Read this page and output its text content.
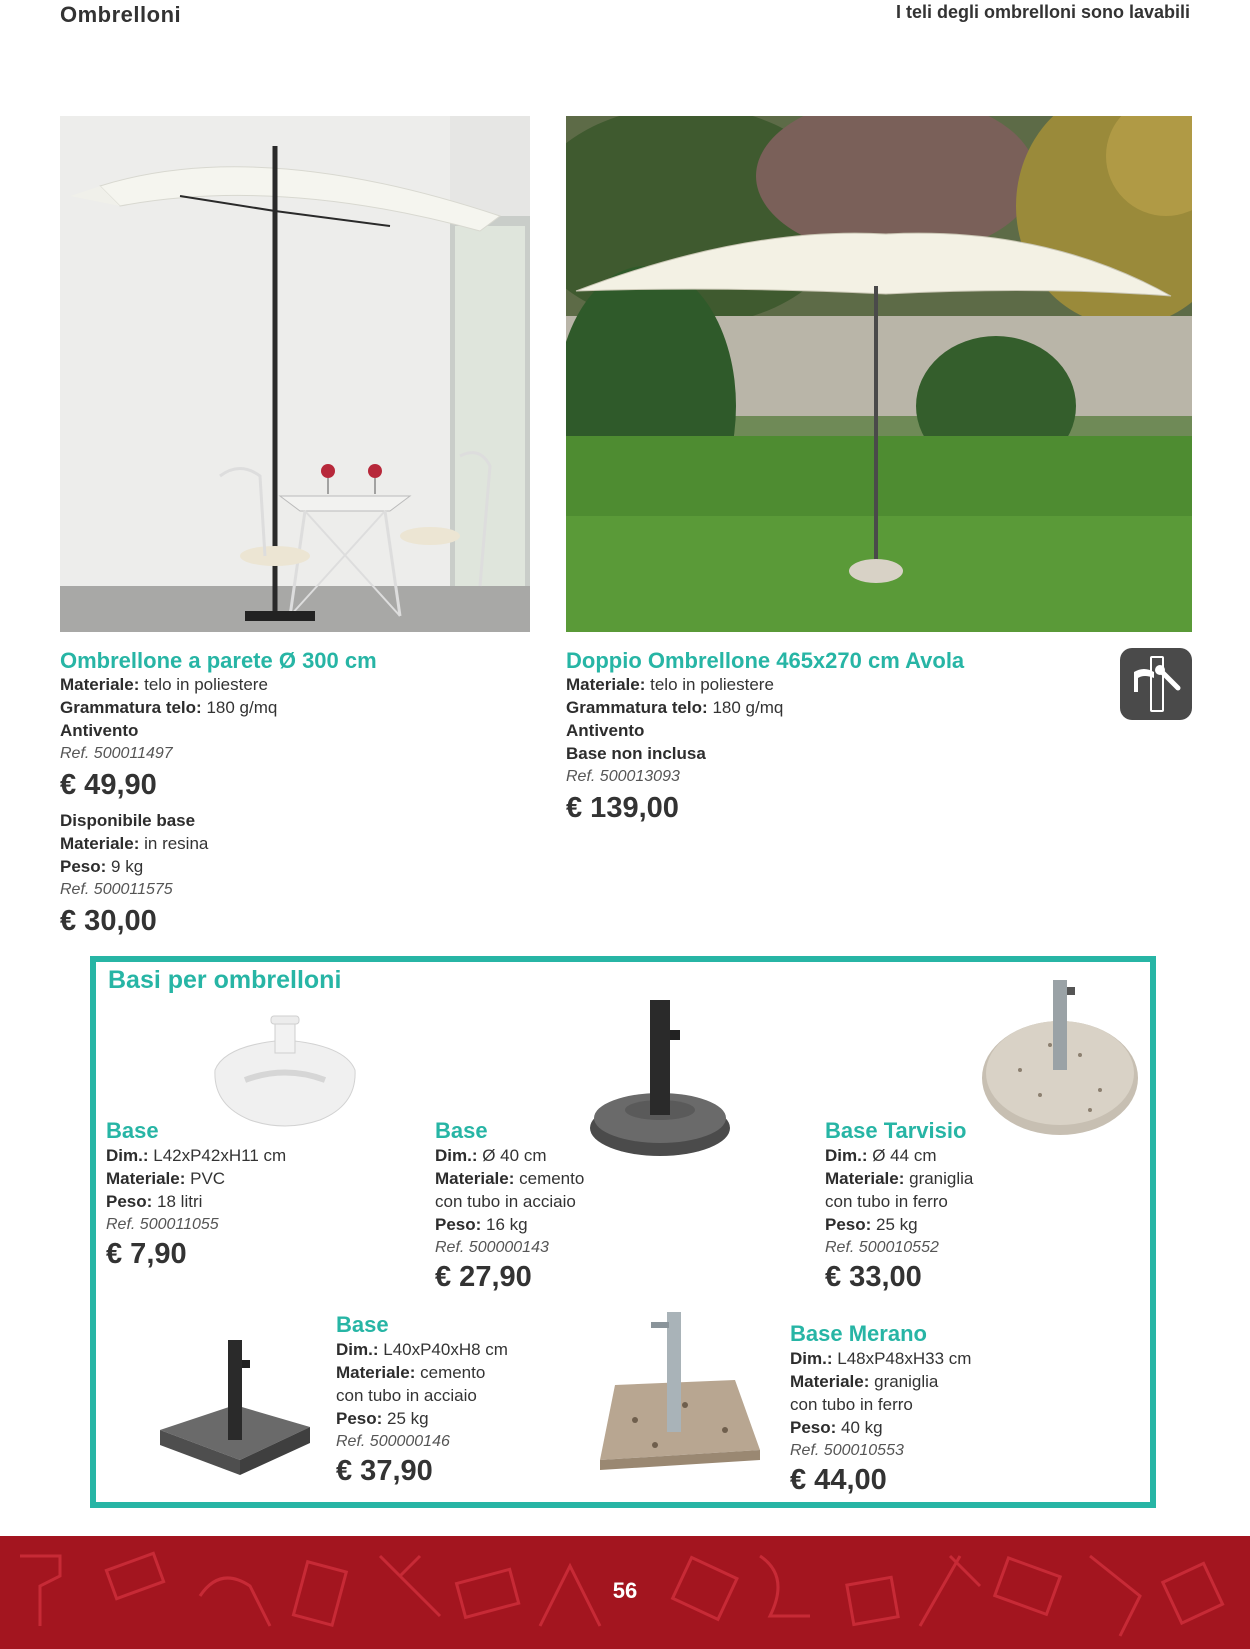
Ombrelloni	I teli degli ombrelloni sono lavabili
Ombrellone a parete Ø 300 cm
Materiale: telo in poliestere
Grammatura telo: 180 g/mq
Antivento
Ref. 500011497
€ 49,90
Disponibile base
Materiale: in resina
Peso: 9 kg
Ref. 500011575
€ 30,00
Doppio Ombrellone 465x270 cm Avola
Materiale: telo in poliestere
Grammatura telo: 180 g/mq
Antivento
Base non inclusa
Ref. 500013093
€ 139,00
Basi per ombrelloni
Base
Dim.: L42xP42xH11 cm
Materiale: PVC
Peso: 18 litri
Ref. 500011055
€ 7,90
Base
Dim.: Ø 40 cm
Materiale: cemento
con tubo in acciaio
Peso: 16 kg
Ref. 500000143
€ 27,90
Base Tarvisio
Dim.: Ø 44 cm
Materiale: graniglia
con tubo in ferro
Peso: 25 kg
Ref. 500010552
€ 33,00
Base
Dim.: L40xP40xH8 cm
Materiale: cemento
con tubo in acciaio
Peso: 25 kg
Ref. 500000146
€ 37,90
Base Merano
Dim.: L48xP48xH33 cm
Materiale: graniglia
con tubo in ferro
Peso: 40 kg
Ref. 500010553
€ 44,00
56
